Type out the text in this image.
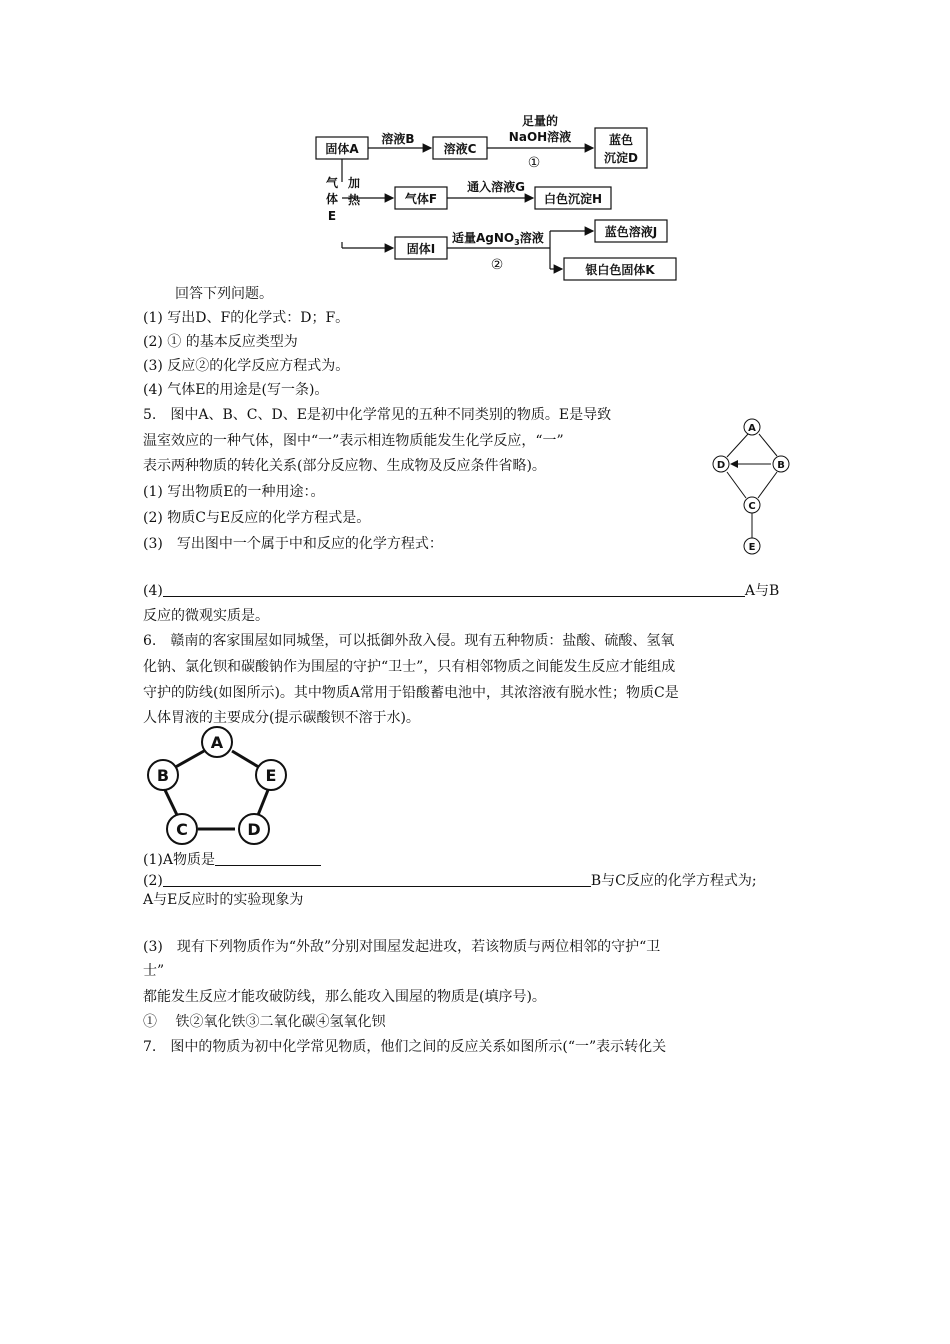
固体A	溶液C
蓝色
沉淀D
气体F	白色沉淀H
固体I
蓝色溶液J
银白色固体K
溶液B
足量的
NaOH溶液
①
气
体
E
加
热
通入溶液G
适量AgNO$_3$溶液
②
回答下列问题。
(1) 写出D、F的化学式：D；F。
(2) ① 的基本反应类型为
(3) 反应②的化学反应方程式为。
(4) 气体E的用途是(写一条)。
5.　图中A、B、C、D、E是初中化学常见的五种不同类别的物质。E是导致
温室效应的一种气体，图中“一”表示相连物质能发生化学反应，“一”
表示两种物质的转化关系(部分反应物、生成物及反应条件省略)。
(1) 写出物质E的一种用途：。
(2) 物质C与E反应的化学方程式是。
(3)　写出图中一个属于中和反应的化学方程式：
(4)	A与B
反应的微观实质是。
A
B
C
D
E
6.　赣南的客家围屋如同城堡，可以抵御外敌入侵。现有五种物质：盐酸、硫酸、氢氧
化钠、氯化钡和碳酸钠作为围屋的守护“卫士”，只有相邻物质之间能发生反应才能组成
守护的防线(如图所示)。其中物质A常用于铅酸蓄电池中，其浓溶液有脱水性；物质C是
人体胃液的主要成分(提示碳酸钡不溶于水)。
A
B
C	D
E
(1)A物质是
(2)	B与C反应的化学方程式为;
A与E反应时的实验现象为
(3)　现有下列物质作为“外敌”分别对围屋发起进攻，若该物质与两位相邻的守护“卫
士”
都能发生反应才能攻破防线，那么能攻入围屋的物质是(填序号)。
①　 铁②氧化铁③二氧化碳④氢氧化钡
7.　图中的物质为初中化学常见物质，他们之间的反应关系如图所示(“一”表示转化关
